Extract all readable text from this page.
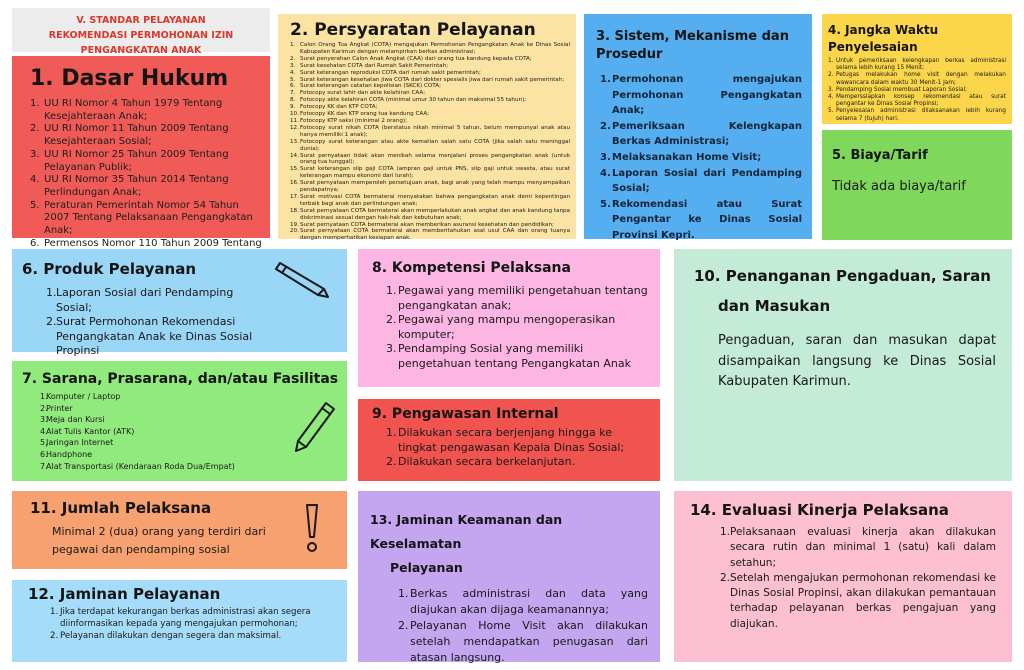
V. STANDAR PELAYANAN
REKOMENDASI PERMOHONAN IZIN PENGANGKATAN ANAK
1. Dasar Hukum
1. UU RI Nomor 4 Tahun 1979 Tentang Kesejahteraan Anak;
2. UU RI Nomor 11 Tahun 2009 Tentang Kesejahteraan Sosial;
3. UU RI Nomor 25 Tahun 2009 Tentang Pelayanan Publik;
4. UU RI Nomor 35 Tahun 2014 Tentang Perlindungan Anak;
5. Peraturan Pemerintah Nomor 54 Tahun 2007 Tentang Pelaksanaan Pengangkatan Anak;
6. Permensos Nomor 110 Tahun 2009 Tentang
2. Persyaratan Pelayanan
1. Calon Orang Tua Angkat (COTA) mengajukan Permohonan Pengangkatan Anak ke Dinas Sosial Kabupaten Karimun dengan melampirkan berkas administrasi;
2. Surat penyerahan Calon Anak Angkat (CAA) dari orang tua kandung kepada COTA;
3. Surat kesehatan COTA dari Rumah Sakit Pemerintah;
4. Surat keterangan reproduksi COTA dari rumah sakit pemerintah;
5. Surat keterangan kesehatan jiwa COTA dari dokter spesialis jiwa dari rumah sakit pemerintah;
6. Surat keterangan catatan kepolisian (SKCK) COTA;
7. Fotocopy surat lahir dan akte kelahiran CAA;
8. Fotocopy akte kelahiran COTA (minimal umur 30 tahun dan maksimal 55 tahun);
9. Fotocopy KK dan KTP COTA;
10. Fotocopy KK dan KTP orang tua kandung CAA;
11. Fotocopy KTP saksi (minimal 2 orang);
12. Fotocopy surat nikah COTA (berstatus nikah minimal 5 tahun, belum mempunyai anak atau hanya memiliki 1 anak);
13. Fotocopy surat keterangan atau akte kematian salah satu COTA (jika salah satu meninggal dunia);
14. Surat pernyataan tidak akan menikah selama menjalani proses pengangkatan anak (untuk orang tua tunggal);
15. Surat keterangan slip gaji COTA (ampran gaji untuk PNS, slip gaji untuk swasta, atau surat keterangan mampu ekonomi dari lurah);
16. Surat pernyataan memperoleh persetujuan anak, bagi anak yang telah mampu menyampaikan pendapatnya;
17. Surat motivasi COTA bermaterai menyatakan bahwa pengangkatan anak demi kepentingan terbaik bagi anak dan perlindungan anak;
18. Surat pernyataan COTA bermaterai akan memperlakukan anak angkat dan anak kandung tanpa diskriminasi sesuai dengan hak-hak dan kebutuhan anak;
19. Surat pernyataan COTA bermaterai akan memberikan asuransi kesehatan dan pendidikan;
20. Surat pernyataan COTA bermaterai akan memberitahukan asal usul CAA dan orang tuanya dengan memperhatikan kesiapan anak.
3. Sistem, Mekanisme dan Prosedur
1. Permohonan mengajukan Permohonan Pengangkatan Anak;
2. Pemeriksaan Kelengkapan Berkas Administrasi;
3. Melaksanakan Home Visit;
4. Laporan Sosial dari Pendamping Sosial;
5. Rekomendasi atau Surat Pengantar ke Dinas Sosial Provinsi Kepri.
4. Jangka Waktu Penyelesaian
1. Untuk pemeriksaan kelengkapan berkas administrasi selama lebih kurang 15 Menit;
2. Petugas melakukan home visit dengan melakukan wawancara dalam waktu 30 Menit-1 Jam;
3. Pendamping Sosial membuat Laporan Sosial;
4. Memperssiapkan konsep rekomendasi atau surat pengantar ke Dinas Sosial Propinsi;
5. Penyelesaian administrasi dilaksanakan lebih kurang selama 7 (tujuh) hari.
5. Biaya/Tarif
Tidak ada biaya/tarif
6. Produk Pelayanan
1. Laporan Sosial dari Pendamping Sosial;
2. Surat Permohonan Rekomendasi Pengangkatan Anak ke Dinas Sosial Propinsi
7. Sarana, Prasarana, dan/atau Fasilitas
1.
Komputer / Laptop
2.
Printer
3.
Meja dan Kursi
4.
Alat Tulis Kantor (ATK)
5.
Jaringan Internet
6.
Handphone
7.
Alat Transportasi (Kendaraan Roda Dua/Empat)
8. Kompetensi Pelaksana
1. Pegawai yang memiliki pengetahuan tentang pengangkatan anak;
2. Pegawai yang mampu mengoperasikan komputer;
3. Pendamping Sosial yang memiliki pengetahuan tentang Pengangkatan Anak
9. Pengawasan Internal
1. Dilakukan secara berjenjang hingga ke tingkat pengawasan Kepala Dinas Sosial;
2. Dilakukan secara berkelanjutan.
10. Penanganan Pengaduan, Saran
dan Masukan
Pengaduan, saran dan masukan dapat disampaikan langsung ke Dinas Sosial Kabupaten Karimun.
11. Jumlah Pelaksana
Minimal 2 (dua) orang yang terdiri dari pegawai dan pendamping sosial
12. Jaminan Pelayanan
1. Jika terdapat kekurangan berkas administrasi akan segera diinformasikan kepada yang mengajukan permohonan;
2. Pelayanan dilakukan dengan segera dan maksimal.
13. Jaminan Keamanan dan Keselamatan
Pelayanan
1. Berkas administrasi dan data yang diajukan akan dijaga keamanannya;
2. Pelayanan Home Visit akan dilakukan setelah mendapatkan penugasan dari atasan langsung.
14. Evaluasi Kinerja Pelaksana
1. Pelaksanaan evaluasi kinerja akan dilakukan secara rutin dan minimal 1 (satu) kali dalam setahun;
2. Setelah mengajukan permohonan rekomendasi ke Dinas Sosial Propinsi, akan dilakukan pemantauan terhadap pelayanan berkas pengajuan yang diajukan.
